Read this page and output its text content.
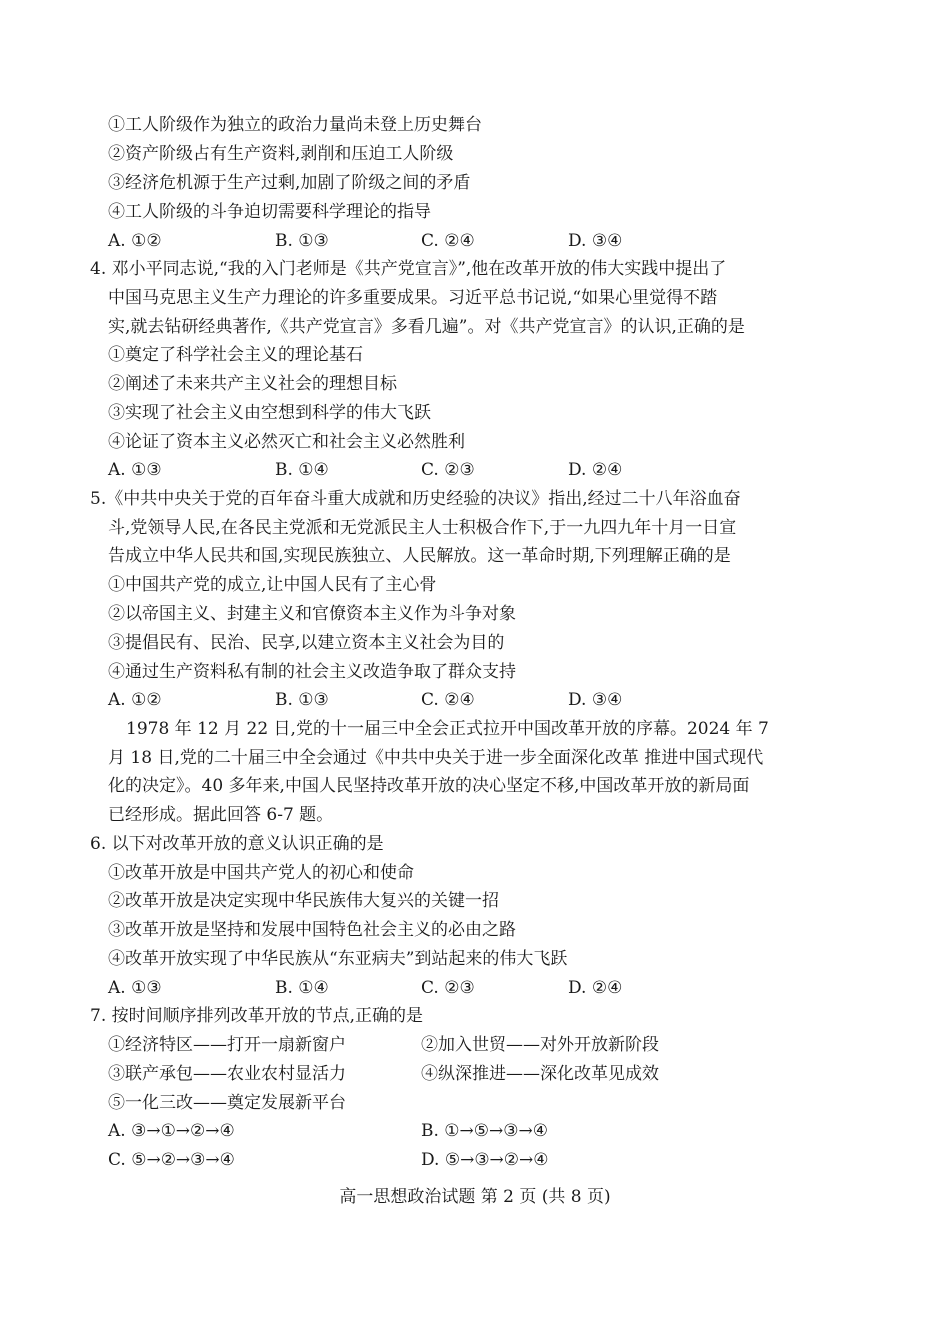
①工人阶级作为独立的政治力量尚未登上历史舞台
②资产阶级占有生产资料,剥削和压迫工人阶级
③经济危机源于生产过剩,加剧了阶级之间的矛盾
④工人阶级的斗争迫切需要科学理论的指导
A. ①②	B. ①③	C. ②④	D. ③④
4. 邓小平同志说,“我的入门老师是《共产党宣言》”,他在改革开放的伟大实践中提出了
中国马克思主义生产力理论的许多重要成果。习近平总书记说,“如果心里觉得不踏
实,就去钻研经典著作,《共产党宣言》多看几遍”。对《共产党宣言》的认识,正确的是
①奠定了科学社会主义的理论基石
②阐述了未来共产主义社会的理想目标
③实现了社会主义由空想到科学的伟大飞跃
④论证了资本主义必然灭亡和社会主义必然胜利
A. ①③	B. ①④	C. ②③	D. ②④
5.《中共中央关于党的百年奋斗重大成就和历史经验的决议》指出,经过二十八年浴血奋
斗,党领导人民,在各民主党派和无党派民主人士积极合作下,于一九四九年十月一日宣
告成立中华人民共和国,实现民族独立、人民解放。这一革命时期,下列理解正确的是
①中国共产党的成立,让中国人民有了主心骨
②以帝国主义、封建主义和官僚资本主义作为斗争对象
③提倡民有、民治、民享,以建立资本主义社会为目的
④通过生产资料私有制的社会主义改造争取了群众支持
A. ①②	B. ①③	C. ②④	D. ③④
1978 年 12 月 22 日,党的十一届三中全会正式拉开中国改革开放的序幕。2024 年 7
月 18 日,党的二十届三中全会通过《中共中央关于进一步全面深化改革 推进中国式现代
化的决定》。40 多年来,中国人民坚持改革开放的决心坚定不移,中国改革开放的新局面
已经形成。据此回答 6-7 题。
6. 以下对改革开放的意义认识正确的是
①改革开放是中国共产党人的初心和使命
②改革开放是决定实现中华民族伟大复兴的关键一招
③改革开放是坚持和发展中国特色社会主义的必由之路
④改革开放实现了中华民族从“东亚病夫”到站起来的伟大飞跃
A. ①③	B. ①④	C. ②③	D. ②④
7. 按时间顺序排列改革开放的节点,正确的是
①经济特区——打开一扇新窗户	②加入世贸——对外开放新阶段
③联产承包——农业农村显活力	④纵深推进——深化改革见成效
⑤一化三改——奠定发展新平台
A. ③→①→②→④	B. ①→⑤→③→④
C. ⑤→②→③→④	D. ⑤→③→②→④
高一思想政治试题 第 2 页 (共 8 页)
